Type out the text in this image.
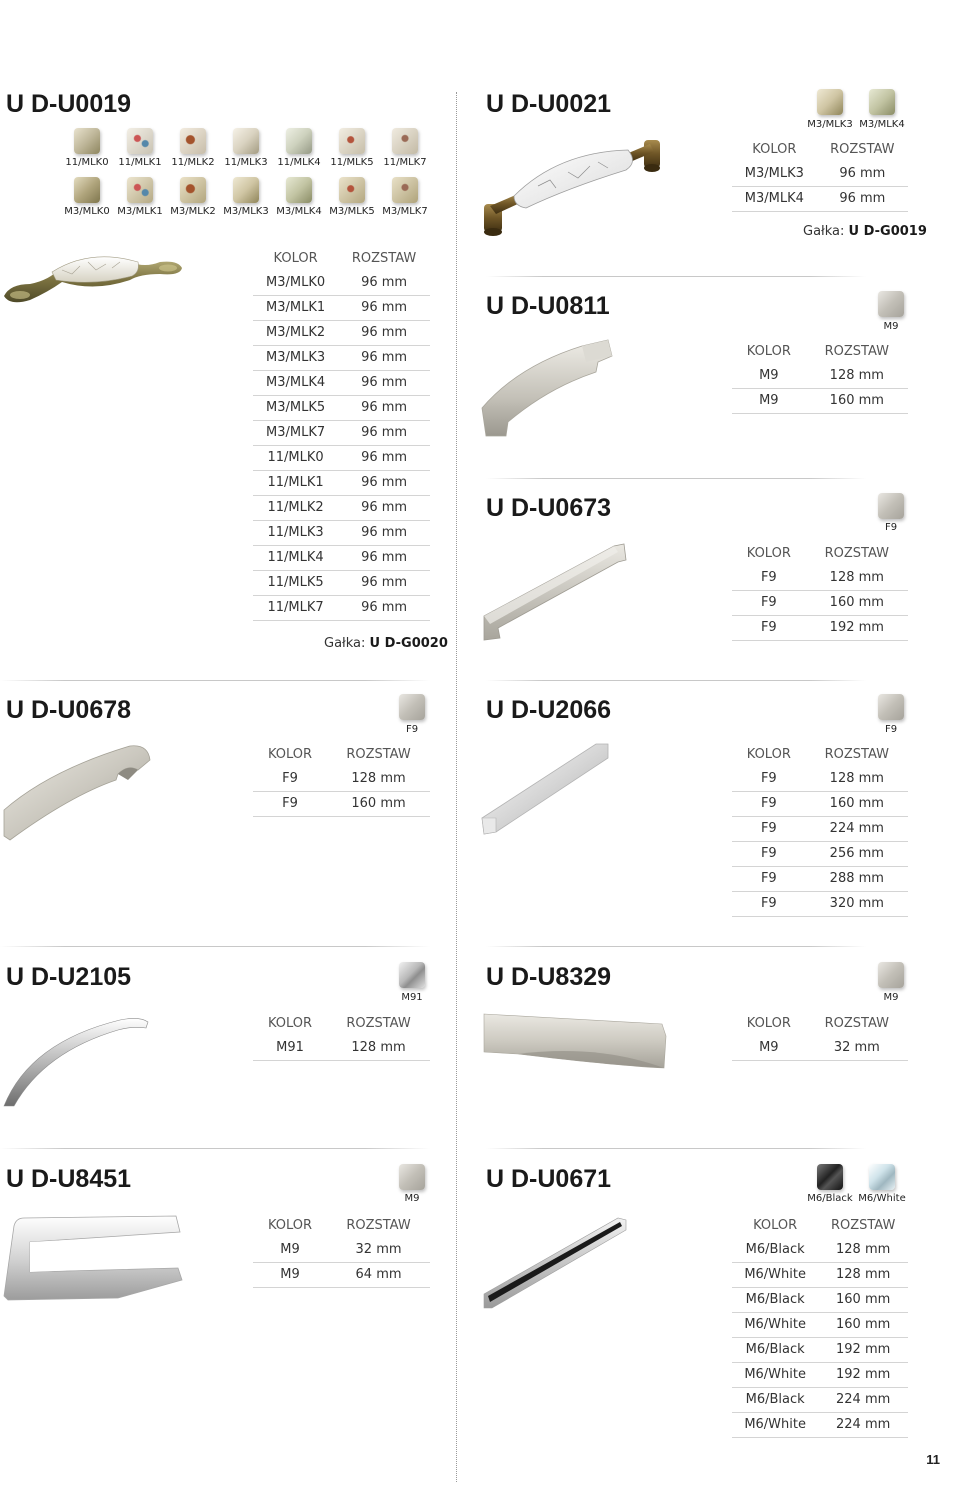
U D-U0019
11/MLK0 11/MLK1 11/MLK2 11/MLK3 11/MLK4 11/MLK5 11/MLK7
M3/MLK0 M3/MLK1 M3/MLK2 M3/MLK3 M3/MLK4 M3/MLK5 M3/MLK7
KOLOR	ROZSTAW
M3/MLK0	96 mm
M3/MLK1	96 mm
M3/MLK2	96 mm
M3/MLK3	96 mm
M3/MLK4	96 mm
M3/MLK5	96 mm
M3/MLK7	96 mm
11/MLK0	96 mm
11/MLK1	96 mm
11/MLK2	96 mm
11/MLK3	96 mm
11/MLK4	96 mm
11/MLK5	96 mm
11/MLK7	96 mm
Gałka: U D-G0020
U D-U0021
M3/MLK3 M3/MLK4
KOLOR	ROZSTAW
M3/MLK3	96 mm
M3/MLK4	96 mm
Gałka: U D-G0019
U D-U0811
M9
KOLOR	ROZSTAW
M9	128 mm
M9	160 mm
U D-U0673
F9
KOLOR	ROZSTAW
F9	128 mm
F9	160 mm
F9	192 mm
U D-U0678
F9
KOLOR	ROZSTAW
F9	128 mm
F9	160 mm
U D-U2066
F9
KOLOR	ROZSTAW
F9	128 mm
F9	160 mm
F9	224 mm
F9	256 mm
F9	288 mm
F9	320 mm
U D-U2105
M91
KOLOR	ROZSTAW
M91	128 mm
U D-U8329
M9
KOLOR	ROZSTAW
M9	32 mm
U D-U8451
M9
KOLOR	ROZSTAW
M9	32 mm
M9	64 mm
U D-U0671
M6/Black M6/White
KOLOR	ROZSTAW
M6/Black	128 mm
M6/White	128 mm
M6/Black	160 mm
M6/White	160 mm
M6/Black	192 mm
M6/White	192 mm
M6/Black	224 mm
M6/White	224 mm
11
